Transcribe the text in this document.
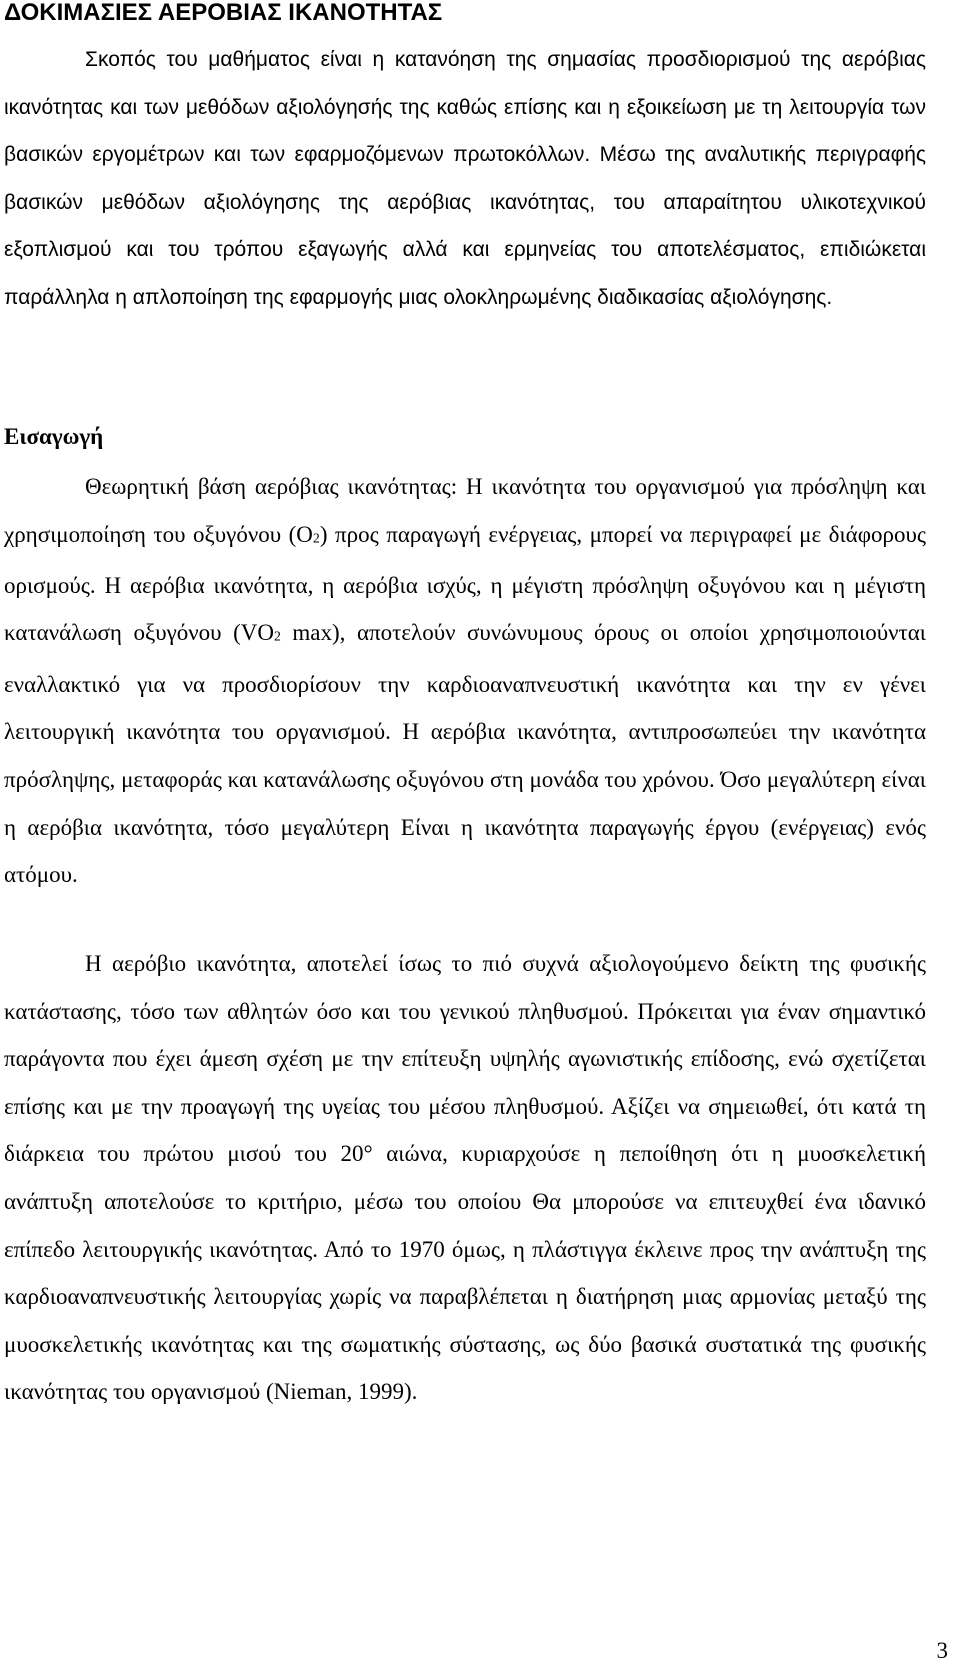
ΔΟΚΙΜΑΣΙΕΣ ΑΕΡΟΒΙΑΣ ΙΚΑΝΟΤΗΤΑΣ

Σκοπός του μαθήματος είναι η κατανόηση της σημασίας προσδιορισμού της αερόβιας ικανότητας και των μεθόδων αξιολόγησής της καθώς επίσης και η εξοικείωση με τη λειτουργία των βασικών εργομέτρων και των εφαρμοζόμενων πρωτοκόλλων. Μέσω της αναλυτικής περιγραφής βασικών μεθόδων αξιολόγησης της αερόβιας ικανότητας, του απαραίτητου υλικοτεχνικού εξοπλισμού και του τρόπου εξαγωγής αλλά και ερμηνείας του αποτελέσματος, επιδιώκεται παράλληλα η απλοποίηση της εφαρμογής μιας ολοκληρωμένης διαδικασίας αξιολόγησης.

Εισαγωγή

Θεωρητική βάση αερόβιας ικανότητας: Η ικανότητα του οργανισμού για πρόσληψη και χρησιμοποίηση του οξυγόνου (O2) προς παραγωγή ενέργειας, μπορεί να περιγραφεί με διάφορους ορισμούς. Η αερόβια ικανότητα, η αερόβια ισχύς, η μέγιστη πρόσληψη οξυγόνου και η μέγιστη κατανάλωση οξυγόνου (VO2 max), αποτελούν συνώνυμους όρους οι οποίοι χρησιμοποιούνται εναλλακτικό για να προσδιορίσουν την καρδιοαναπνευστική ικανότητα και την εν γένει λειτουργική ικανότητα του οργανισμού. Η αερόβια ικανότητα, αντιπροσωπεύει την ικανότητα πρόσληψης, μεταφοράς και κατανάλωσης οξυγόνου στη μονάδα του χρόνου. Όσο μεγαλύτερη είναι η αερόβια ικανότητα, τόσο μεγαλύτερη Είναι η ικανότητα παραγωγής έργου (ενέργειας) ενός ατόμου.

Η αερόβιο ικανότητα, αποτελεί ίσως το πιό συχνά αξιολογούμενο δείκτη της φυσικής κατάστασης, τόσο των αθλητών όσο και του γενικού πληθυσμού. Πρόκειται για έναν σημαντικό παράγοντα που έχει άμεση σχέση με την επίτευξη υψηλής αγωνιστικής επίδοσης, ενώ σχετίζεται επίσης και με την προαγωγή της υγείας του μέσου πληθυσμού. Αξίζει να σημειωθεί, ότι κατά τη διάρκεια του πρώτου μισού του 20° αιώνα, κυριαρχούσε η πεποίθηση ότι η μυοσκελετική ανάπτυξη αποτελούσε το κριτήριο, μέσω του οποίου Θα μπορούσε να επιτευχθεί ένα ιδανικό επίπεδο λειτουργικής ικανότητας. Από το 1970 όμως, η πλάστιγγα έκλεινε προς την ανάπτυξη της καρδιοαναπνευστικής λειτουργίας χωρίς να παραβλέπεται η διατήρηση μιας αρμονίας μεταξύ της μυοσκελετικής ικανότητας και της σωματικής σύστασης, ως δύο βασικά συστατικά της φυσικής ικανότητας του οργανισμού (Nieman, 1999).

3
